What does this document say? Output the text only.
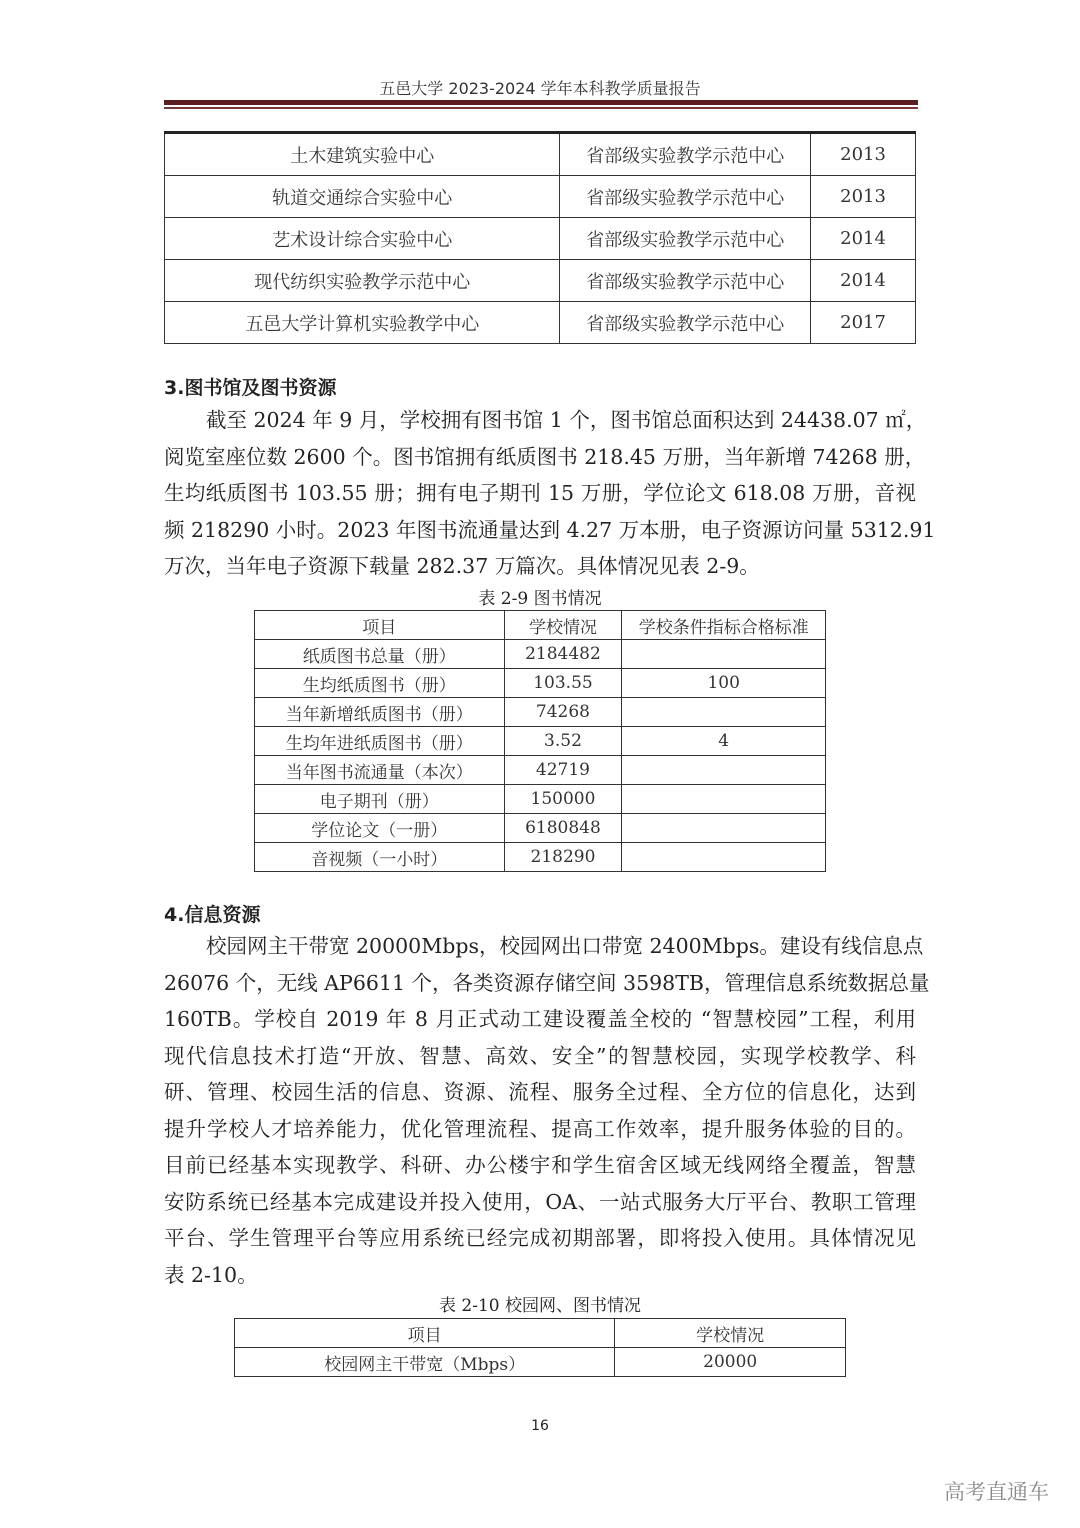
五邑大学 2023-2024 学年本科教学质量报告
土木建筑实验中心	省部级实验教学示范中心	2013
轨道交通综合实验中心	省部级实验教学示范中心	2013
艺术设计综合实验中心	省部级实验教学示范中心	2014
现代纺织实验教学示范中心	省部级实验教学示范中心	2014
五邑大学计算机实验教学中心	省部级实验教学示范中心	2017
3.图书馆及图书资源
截至 2024 年 9 月，学校拥有图书馆 1 个，图书馆总面积达到 24438.07 ㎡，
阅览室座位数 2600 个。图书馆拥有纸质图书 218.45 万册，当年新增 74268 册，
生均纸质图书 103.55 册；拥有电子期刊 15 万册，学位论文 618.08 万册，音视
频 218290 小时。2023 年图书流通量达到 4.27 万本册，电子资源访问量 5312.91
万次，当年电子资源下载量 282.37 万篇次。具体情况见表 2-9。
表 2-9 图书情况
项目	学校情况	学校条件指标合格标准
纸质图书总量（册）	2184482	
生均纸质图书（册）	103.55	100
当年新增纸质图书（册）	74268	
生均年进纸质图书（册）	3.52	4
当年图书流通量（本次）	42719	
电子期刊（册）	150000	
学位论文（一册）	6180848	
音视频（一小时）	218290	
4.信息资源
校园网主干带宽 20000Mbps，校园网出口带宽 2400Mbps。建设有线信息点
26076 个，无线 AP6611 个，各类资源存储空间 3598TB，管理信息系统数据总量
160TB。学校自 2019 年 8 月正式动工建设覆盖全校的 “智慧校园”工程，利用
现代信息技术打造“开放、智慧、高效、安全”的智慧校园，实现学校教学、科
研、管理、校园生活的信息、资源、流程、服务全过程、全方位的信息化，达到
提升学校人才培养能力，优化管理流程、提高工作效率，提升服务体验的目的。
目前已经基本实现教学、科研、办公楼宇和学生宿舍区域无线网络全覆盖，智慧
安防系统已经基本完成建设并投入使用，OA、一站式服务大厅平台、教职工管理
平台、学生管理平台等应用系统已经完成初期部署，即将投入使用。具体情况见
表 2-10。
表 2-10 校园网、图书情况
项目	学校情况
校园网主干带宽（Mbps）	20000
16
高考直通车
